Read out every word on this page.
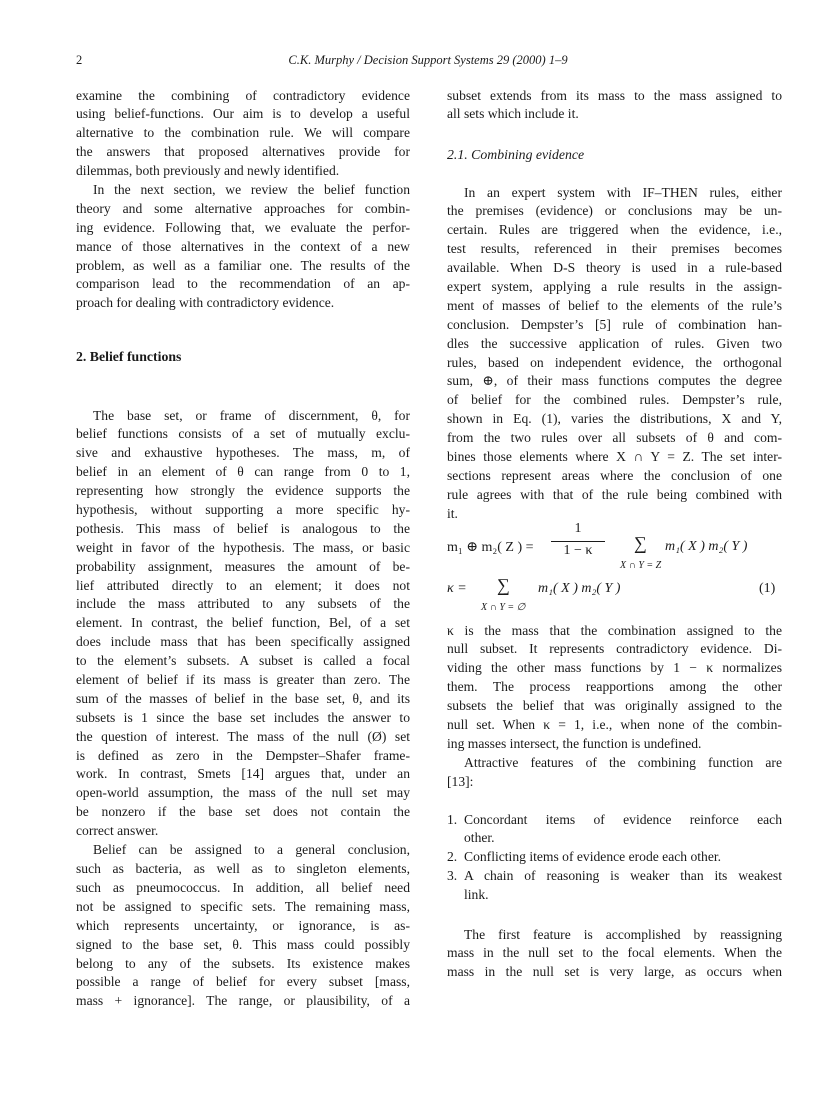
2	C.K. Murphy / Decision Support Systems 29 (2000) 1–9
examine the combining of contradictory evidence
using belief-functions. Our aim is to develop a useful
alternative to the combination rule. We will compare
the answers that proposed alternatives provide for
dilemmas, both previously and newly identified.
In the next section, we review the belief function
theory and some alternative approaches for combin-
ing evidence. Following that, we evaluate the perfor-
mance of those alternatives in the context of a new
problem, as well as a familiar one. The results of the
comparison lead to the recommendation of an ap-
proach for dealing with contradictory evidence.
2. Belief functions
The base set, or frame of discernment, θ, for
belief functions consists of a set of mutually exclu-
sive and exhaustive hypotheses. The mass, m, of
belief in an element of θ can range from 0 to 1,
representing how strongly the evidence supports the
hypothesis, without supporting a more specific hy-
pothesis. This mass of belief is analogous to the
weight in favor of the hypothesis. The mass, or basic
probability assignment, measures the amount of be-
lief attributed directly to an element; it does not
include the mass attributed to any subsets of the
element. In contrast, the belief function, Bel, of a set
does include mass that has been specifically assigned
to the element’s subsets. A subset is called a focal
element of belief if its mass is greater than zero. The
sum of the masses of belief in the base set, θ, and its
subsets is 1 since the base set includes the answer to
the question of interest. The mass of the null (Ø) set
is defined as zero in the Dempster–Shafer frame-
work. In contrast, Smets [14] argues that, under an
open-world assumption, the mass of the null set may
be nonzero if the base set does not contain the
correct answer.
Belief can be assigned to a general conclusion,
such as bacteria, as well as to singleton elements,
such as pneumococcus. In addition, all belief need
not be assigned to specific sets. The remaining mass,
which represents uncertainty, or ignorance, is as-
signed to the base set, θ. This mass could possibly
belong to any of the subsets. Its existence makes
possible a range of belief for every subset [mass,
mass + ignorance]. The range, or plausibility, of a
subset extends from its mass to the mass assigned to
all sets which include it.
2.1. Combining evidence
In an expert system with IF–THEN rules, either
the premises (evidence) or conclusions may be un-
certain. Rules are triggered when the evidence, i.e.,
test results, referenced in their premises becomes
available. When D-S theory is used in a rule-based
expert system, applying a rule results in the assign-
ment of masses of belief to the elements of the rule’s
conclusion. Dempster’s [5] rule of combination han-
dles the successive application of rules. Given two
rules, based on independent evidence, the orthogonal
sum, ⊕, of their mass functions computes the degree
of belief for the combined rules. Dempster’s rule,
shown in Eq. (1), varies the distributions, X and Y,
from the two rules over all subsets of θ and com-
bines those elements where X ∩ Y = Z. The set inter-
sections represent areas where the conclusion of one
rule agrees with that of the rule being combined with
it.
m₁ ⊕ m₂( Z ) =
1
1 − κ	∑
X ∩ Y = Z
m₁( X ) m₂( Y )
κ = ∑
X ∩ Y = ∅
m₁( X ) m₂( Y )	(1)
κ is the mass that the combination assigned to the
null subset. It represents contradictory evidence. Di-
viding the other mass functions by 1 − κ normalizes
them. The process reapportions among the other
subsets the belief that was originally assigned to the
null set. When κ = 1, i.e., when none of the combin-
ing masses intersect, the function is undefined.
Attractive features of the combining function are
[13]:
1. Concordant items of evidence reinforce each
other.
2. Conflicting items of evidence erode each other.
3. A chain of reasoning is weaker than its weakest
link.
The first feature is accomplished by reassigning
mass in the null set to the focal elements. When the
mass in the null set is very large, as occurs when
